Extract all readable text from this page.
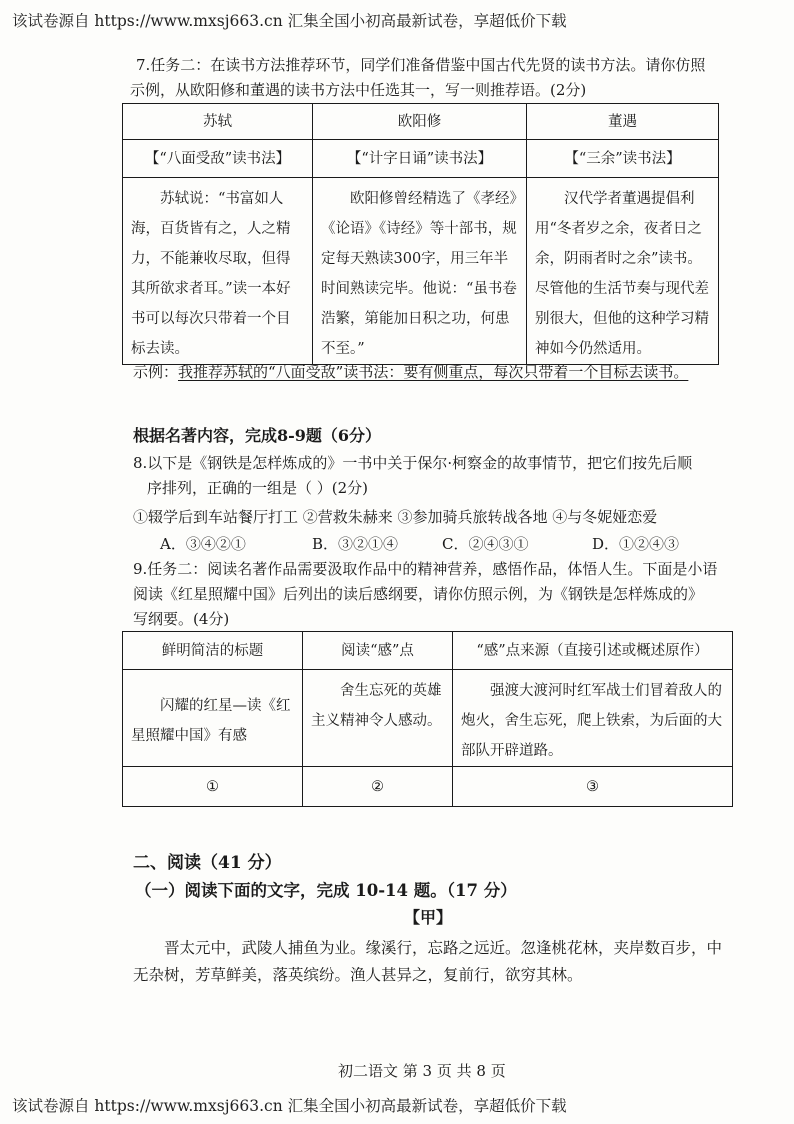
该试卷源自 https://www.mxsj663.cn 汇集全国小初高最新试卷，享超低价下载
7.任务二：在读书方法推荐环节，同学们准备借鉴中国古代先贤的读书方法。请你仿照
示例，从欧阳修和董遇的读书方法中任选其一，写一则推荐语。(2分)
苏轼	欧阳修	董遇
【“八面受敌”读书法】	【“计字日诵”读书法】	【“三余”读书法】
苏轼说：“书富如人海，百货皆有之，人之精力，不能兼收尽取，但得其所欲求者耳。”读一本好书可以每次只带着一个目标去读。	欧阳修曾经精选了《孝经》《论语》《诗经》等十部书，规定每天熟读300字，用三年半时间熟读完毕。他说：“虽书卷浩繁，第能加日积之功，何患不至。”	汉代学者董遇提倡利用“冬者岁之余，夜者日之余，阴雨者时之余”读书。尽管他的生活节奏与现代差别很大，但他的这种学习精神如今仍然适用。
示例：我推荐苏轼的“八面受敌”读书法：要有侧重点，每次只带着一个目标去读书。
根据名著内容，完成8-9题（6分）
8.以下是《钢铁是怎样炼成的》一书中关于保尔·柯察金的故事情节，把它们按先后顺
序排列，正确的一组是（ ）(2分)
①辍学后到车站餐厅打工 ②营救朱赫来 ③参加骑兵旅转战各地 ④与冬妮娅恋爱
A．③④②①	B．③②①④	C．②④③①	D．①②④③
9.任务二：阅读名著作品需要汲取作品中的精神营养，感悟作品，体悟人生。下面是小语
阅读《红星照耀中国》后列出的读后感纲要，请你仿照示例，为《钢铁是怎样炼成的》
写纲要。(4分)
鲜明简洁的标题	阅读“感”点	“感”点来源（直接引述或概述原作）
闪耀的红星—读《红星照耀中国》有感	舍生忘死的英雄主义精神令人感动。	强渡大渡河时红军战士们冒着敌人的炮火，舍生忘死，爬上铁索，为后面的大部队开辟道路。
①	②	③
二、阅读（41 分）
（一）阅读下面的文字，完成 10-14 题。（17 分）
【甲】
晋太元中，武陵人捕鱼为业。缘溪行，忘路之远近。忽逢桃花林，夹岸数百步，中
无杂树，芳草鲜美，落英缤纷。渔人甚异之，复前行，欲穷其林。
初二语文 第 3 页 共 8 页
该试卷源自 https://www.mxsj663.cn 汇集全国小初高最新试卷，享超低价下载
